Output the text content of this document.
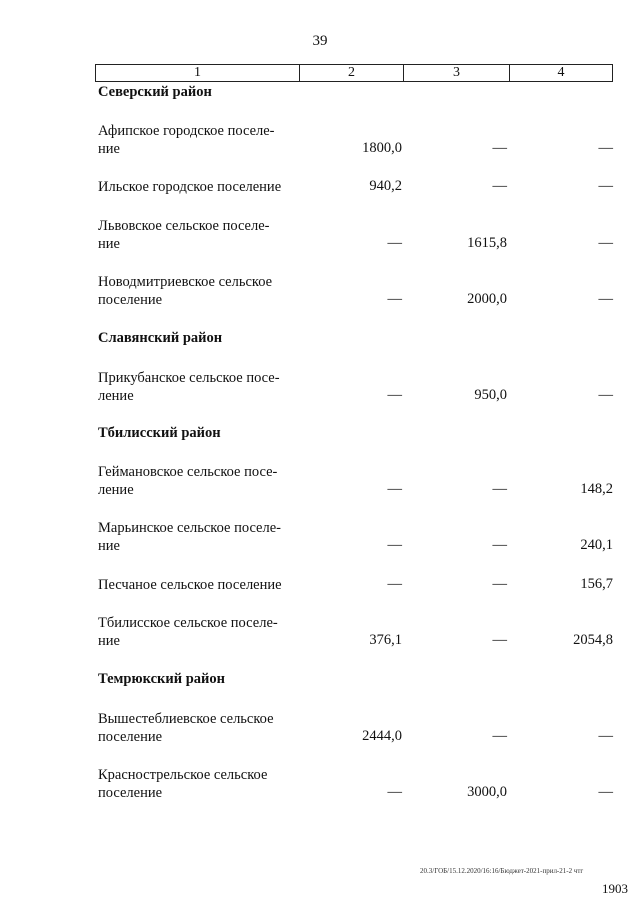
39
1	2	3	4
Северский район
Афипское городское поселе-
ние	1800,0	—	—
Ильское городское поселение	940,2	—	—
Львовское сельское поселе-
ние	—	1615,8	—
Новодмитриевское сельское
поселение	—	2000,0	—
Славянский район
Прикубанское сельское посе-
ление	—	950,0	—
Тбилисский район
Геймановское сельское посе-
ление	—	—	148,2
Марьинское сельское поселе-
ние	—	—	240,1
Песчаное сельское поселение	—	—	156,7
Тбилисское сельское поселе-
ние	376,1	—	2054,8
Темрюкский район
Вышестеблиевское сельское
поселение	2444,0	—	—
Краснострельское сельское
поселение	—	3000,0	—
20.3/ГОБ/15.12.2020/16:16/Бюджет-2021-прил-21-2 чтг
1903
